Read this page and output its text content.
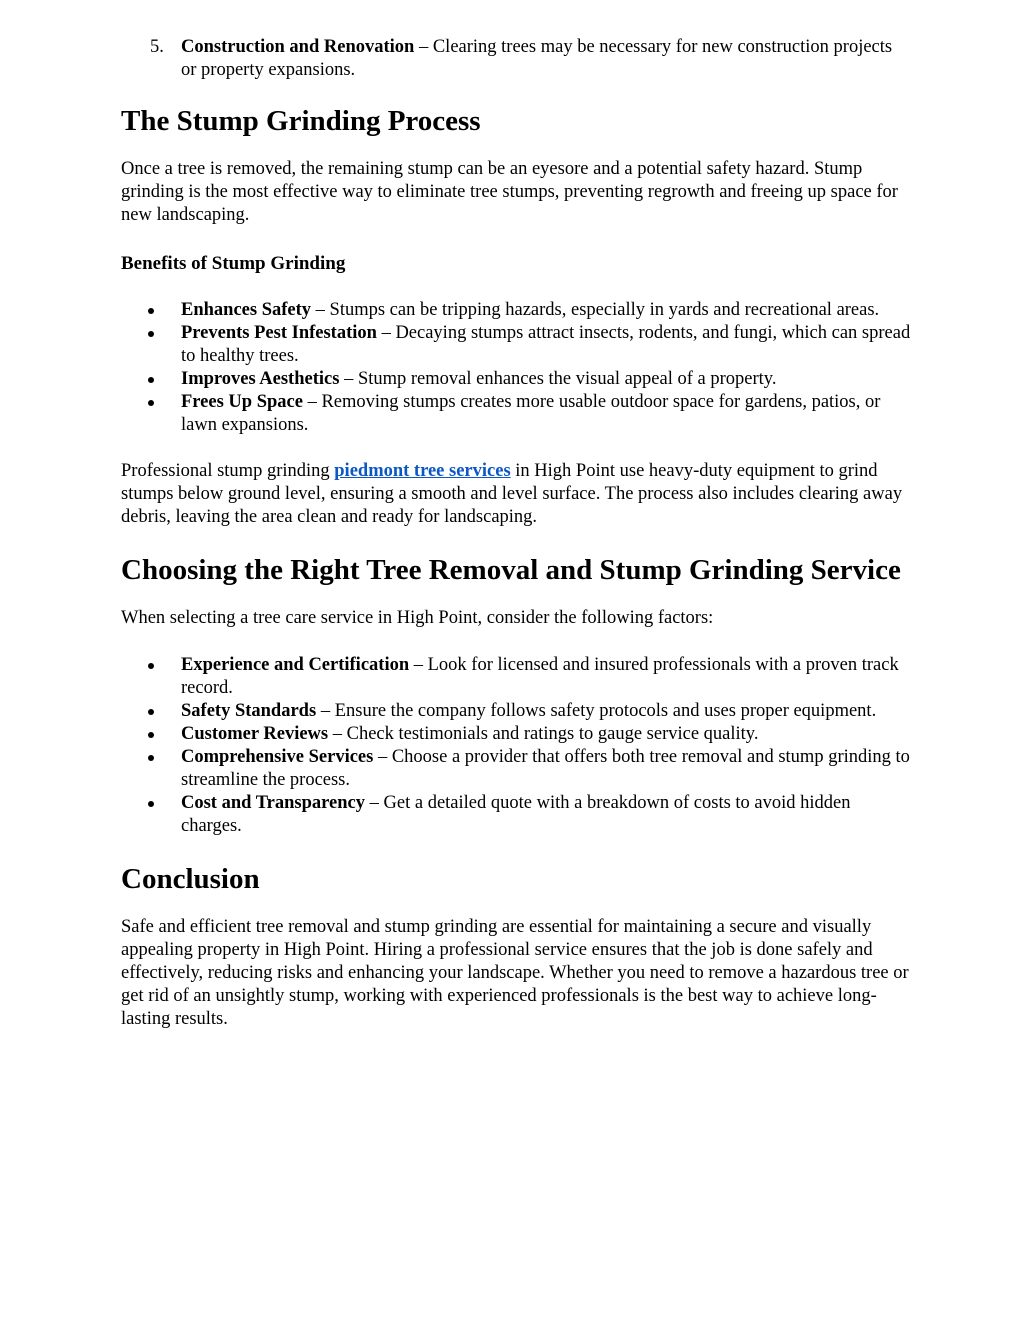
5. Construction and Renovation – Clearing trees may be necessary for new construction projects or property expansions.
The Stump Grinding Process

Once a tree is removed, the remaining stump can be an eyesore and a potential safety hazard. Stump grinding is the most effective way to eliminate tree stumps, preventing regrowth and freeing up space for new landscaping.

Benefits of Stump Grinding
Enhances Safety – Stumps can be tripping hazards, especially in yards and recreational areas.
Prevents Pest Infestation – Decaying stumps attract insects, rodents, and fungi, which can spread to healthy trees.
Improves Aesthetics – Stump removal enhances the visual appeal of a property.
Frees Up Space – Removing stumps creates more usable outdoor space for gardens, patios, or lawn expansions.

Professional stump grinding piedmont tree services in High Point use heavy-duty equipment to grind stumps below ground level, ensuring a smooth and level surface. The process also includes clearing away debris, leaving the area clean and ready for landscaping.

Choosing the Right Tree Removal and Stump Grinding Service

When selecting a tree care service in High Point, consider the following factors:

Experience and Certification – Look for licensed and insured professionals with a proven track record.
Safety Standards – Ensure the company follows safety protocols and uses proper equipment.
Customer Reviews – Check testimonials and ratings to gauge service quality.
Comprehensive Services – Choose a provider that offers both tree removal and stump grinding to streamline the process.
Cost and Transparency – Get a detailed quote with a breakdown of costs to avoid hidden charges.
Conclusion

Safe and efficient tree removal and stump grinding are essential for maintaining a secure and visually appealing property in High Point. Hiring a professional service ensures that the job is done safely and effectively, reducing risks and enhancing your landscape. Whether you need to remove a hazardous tree or get rid of an unsightly stump, working with experienced professionals is the best way to achieve long-lasting results.
